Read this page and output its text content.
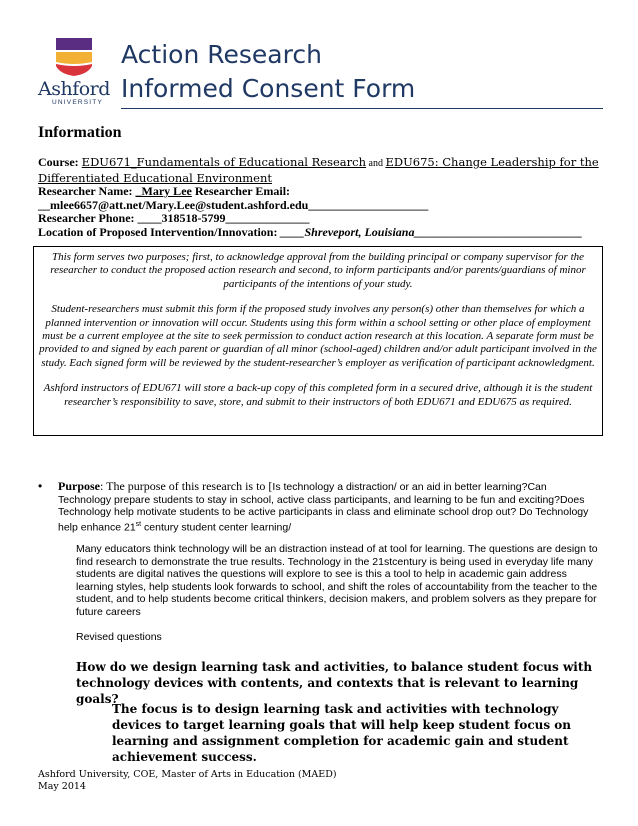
Ashford
UNIVERSITY
Action Research
Informed Consent Form
Information
Course: EDU671_Fundamentals of Educational Research and EDU675: Change Leadership for the Differentiated Educational Environment
Researcher Name: _Mary Lee Researcher Email:
__mlee6657@att.net/Mary.Lee@student.ashford.edu____________________
Researcher Phone: ____318518-5799______________
Location of Proposed Intervention/Innovation: ____Shreveport, Louisiana____________________________

This form serves two purposes; first, to acknowledge approval from the building principal or company supervisor for the researcher to conduct the proposed action research and second, to inform participants and/or parents/guardians of minor participants of the intentions of your study.

Student-researchers must submit this form if the proposed study involves any person(s) other than themselves for which a planned intervention or innovation will occur. Students using this form within a school setting or other place of employment must be a current employee at the site to seek permission to conduct action research at this location. A separate form must be provided to and signed by each parent or guardian of all minor (school-aged) children and/or adult participant involved in the study. Each signed form will be reviewed by the student-researcher’s employer as verification of participant acknowledgment.

Ashford instructors of EDU671 will store a back-up copy of this completed form in a secured drive, although it is the student researcher’s responsibility to save, store, and submit to their instructors of both EDU671 and EDU675 as required.

• Purpose: The purpose of this research is to [Is technology a distraction/ or an aid in better learning?Can Technology prepare students to stay in school, active class participants, and learning to be fun and exciting?Does Technology help motivate students to be active participants in class and eliminate school drop out? Do Technology help enhance 21st century student center learning/
Many educators think technology will be an distraction instead of at tool for learning. The questions are design to find research to demonstrate the true results. Technology in the 21stcentury is being used in everyday life many students are digital natives the questions will explore to see is this a tool to help in academic gain address learning styles, help students look forwards to school, and shift the roles of accountability from the teacher to the student, and to help students become critical thinkers, decision makers, and problem solvers as they prepare for future careers
Revised questions
How do we design learning task and activities, to balance student focus with technology devices with contents, and contexts that is relevant to learning goals?
The focus is to design learning task and activities with technology devices to target learning goals that will help keep student focus on learning and assignment completion for academic gain and student achievement success.
Ashford University, COE, Master of Arts in Education (MAED)
May 2014
